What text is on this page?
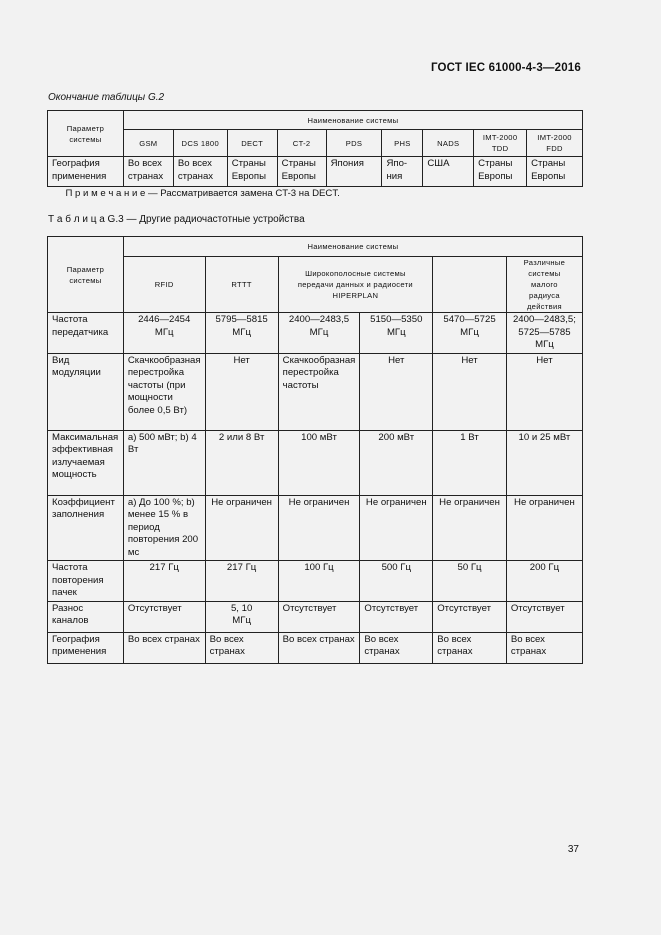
ГОСТ IEC 61000-4-3—2016
Окончание таблицы G.2
Параметр системы	Наименование системы								
	GSM	DCS 1800	DECT	CT-2	PDS	PHS	NADS	IMT-2000 TDD	IMT-2000 FDD
География применения	Во всех странах	Во всех странах	Страны Европы	Страны Европы	Япония	Япо-ния	США	Страны Европы	Страны Европы
П р и м е ч а н и е — Рассматривается замена CT-3 на DECT.									
Т а б л и ц а G.3 — Другие радиочастотные устройства
Параметр системы	Наименование системы					
	RFID	RTTT	Широкополосные системы передачи данных и радиосети HIPERPLAN			Различные системы малого радиуса действия
Частота передатчика	2446—2454 МГц	5795—5815 МГц	2400—2483,5 МГц	5150—5350 МГц	5470—5725 МГц	2400—2483,5; 5725—5785 МГц
Вид модуляции	Скачкообразная перестройка частоты (при мощности более 0,5 Вт)	Нет	Скачкообразная перестройка частоты	Нет	Нет	Нет
Максимальная эффективная излучаемая мощность	а) 500 мВт; b) 4 Вт	2 или 8 Вт	100 мВт	200 мВт	1 Вт	10 и 25 мВт
Коэффициент заполнения	а) До 100 %; b) менее 15 % в период повторения 200 мс	Не ограничен	Не ограничен	Не ограничен	Не ограничен	Не ограничен
Частота повторения пачек	217 Гц	217 Гц	100 Гц	500 Гц	50 Гц	200 Гц
Разнос каналов	Отсутствует	5, 10 МГц	Отсутствует	Отсутствует	Отсутствует	Отсутствует
География применения	Во всех странах	Во всех странах	Во всех странах	Во всех странах	Во всех странах	Во всех странах
37
